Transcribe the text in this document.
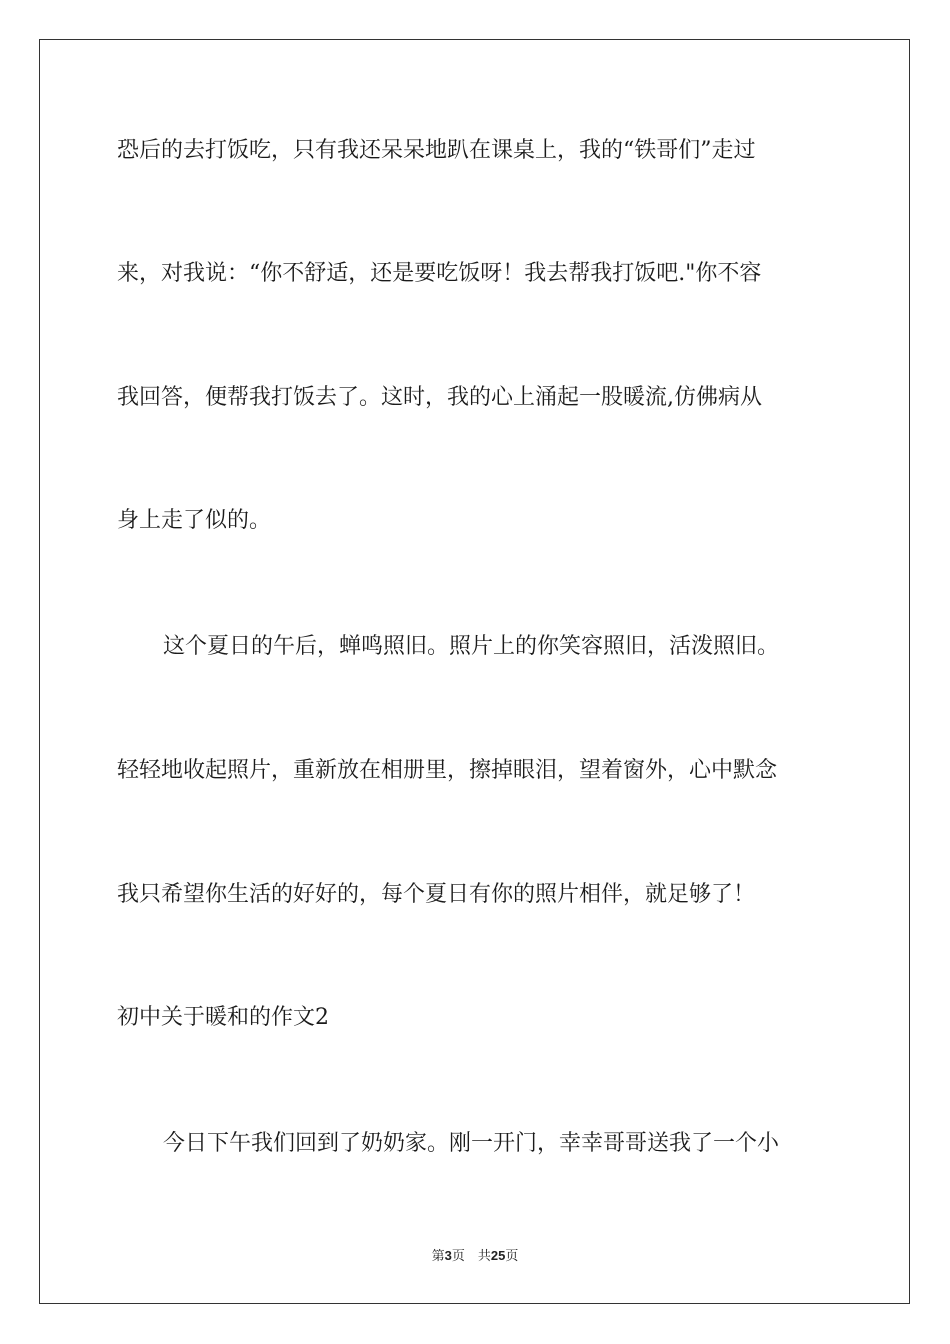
恐后的去打饭吃，只有我还呆呆地趴在课桌上，我的“铁哥们”走过
来，对我说：“你不舒适，还是要吃饭呀！我去帮我打饭吧."你不容
我回答，便帮我打饭去了。这时，我的心上涌起一股暖流,仿佛病从
身上走了似的。
这个夏日的午后，蝉鸣照旧。照片上的你笑容照旧，活泼照旧。
轻轻地收起照片，重新放在相册里，擦掉眼泪，望着窗外，心中默念
我只希望你生活的好好的，每个夏日有你的照片相伴，就足够了！
初中关于暖和的作文2
今日下午我们回到了奶奶家。刚一开门，幸幸哥哥送我了一个小
第3页　共25页
